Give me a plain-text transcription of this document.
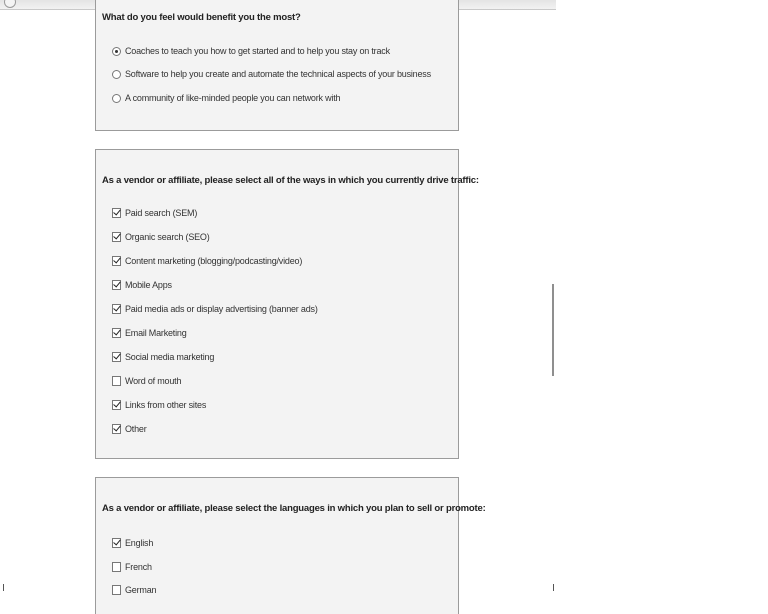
What do you feel would benefit you the most?
Coaches to teach you how to get started and to help you stay on track
Software to help you create and automate the technical aspects of your business
A community of like-minded people you can network with
As a vendor or affiliate, please select all of the ways in which you currently drive traffic:
Paid search (SEM)
Organic search (SEO)
Content marketing (blogging/podcasting/video)
Mobile Apps
Paid media ads or display advertising (banner ads)
Email Marketing
Social media marketing
Word of mouth
Links from other sites
Other
As a vendor or affiliate, please select the languages in which you plan to sell or promote:
English
French
German
